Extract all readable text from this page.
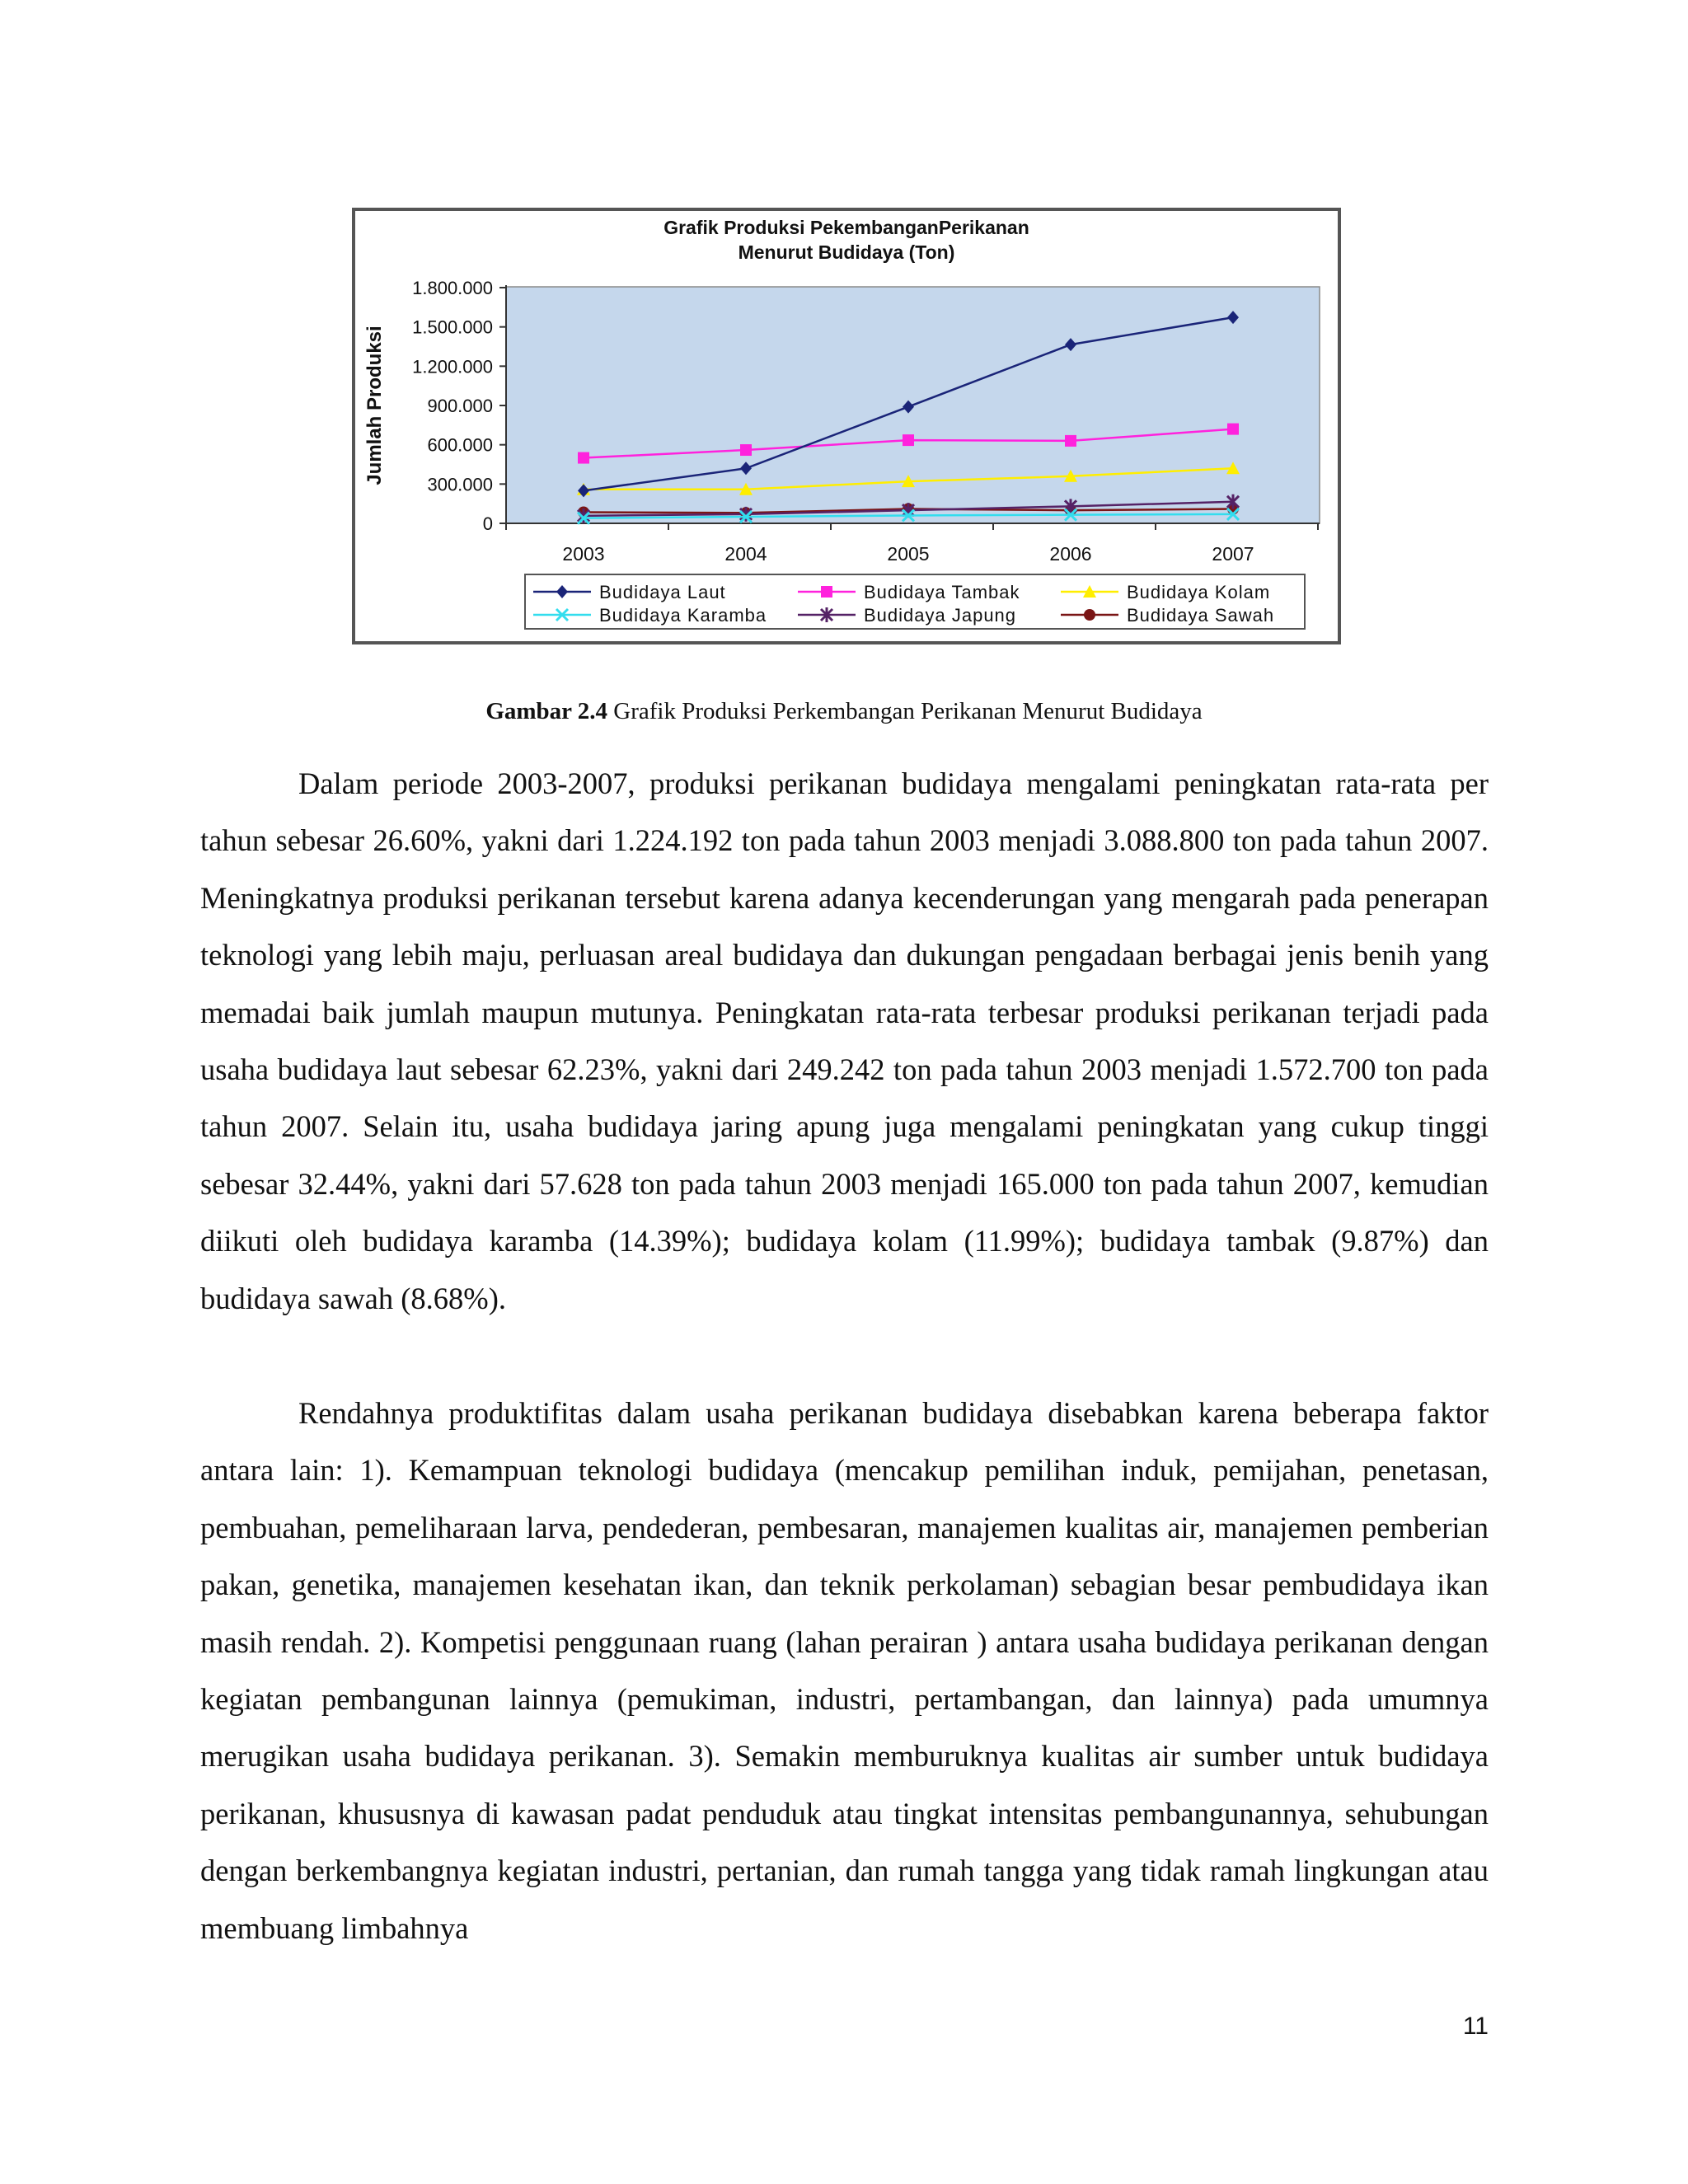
Grafik Produksi PekembanganPerikanan
Menurut Budidaya (Ton)
Jumlah Produksi
0
300.000
600.000
900.000
1.200.000
1.500.000
1.800.000
2003	2004	2005	2006	2007
Budidaya Laut	Budidaya Tambak	Budidaya Kolam
Budidaya Karamba	Budidaya Japung	Budidaya Sawah
Gambar 2.4 Grafik Produksi Perkembangan Perikanan Menurut Budidaya

Dalam periode 2003-2007, produksi perikanan budidaya mengalami peningkatan rata-rata per tahun sebesar 26.60%, yakni dari 1.224.192 ton pada tahun 2003 menjadi 3.088.800 ton pada tahun 2007. Meningkatnya produksi perikanan tersebut karena adanya kecenderungan yang mengarah pada penerapan teknologi yang lebih maju, perluasan areal budidaya dan dukungan pengadaan berbagai jenis benih yang memadai baik jumlah maupun mutunya. Peningkatan rata-rata terbesar produksi perikanan terjadi pada usaha budidaya laut sebesar 62.23%, yakni dari 249.242 ton pada tahun 2003 menjadi 1.572.700 ton pada tahun 2007. Selain itu, usaha budidaya jaring apung juga mengalami peningkatan yang cukup tinggi sebesar 32.44%, yakni dari 57.628 ton pada tahun 2003 menjadi 165.000 ton pada tahun 2007, kemudian diikuti oleh budidaya karamba (14.39%); budidaya kolam (11.99%); budidaya tambak (9.87%) dan budidaya sawah (8.68%).

Rendahnya produktifitas dalam usaha perikanan budidaya disebabkan karena beberapa faktor antara lain: 1). Kemampuan teknologi budidaya (mencakup pemilihan induk, pemijahan, penetasan, pembuahan, pemeliharaan larva, pendederan, pembesaran, manajemen kualitas air, manajemen pemberian pakan, genetika, manajemen kesehatan ikan, dan teknik perkolaman) sebagian besar pembudidaya ikan masih rendah. 2). Kompetisi penggunaan ruang (lahan perairan ) antara usaha budidaya perikanan dengan kegiatan pembangunan lainnya (pemukiman, industri, pertambangan, dan lainnya) pada umumnya merugikan usaha budidaya perikanan. 3). Semakin memburuknya kualitas air sumber untuk budidaya perikanan, khususnya di kawasan padat penduduk atau tingkat intensitas pembangunannya, sehubungan dengan berkembangnya kegiatan industri, pertanian, dan rumah tangga yang tidak ramah lingkungan atau membuang limbahnya

11
